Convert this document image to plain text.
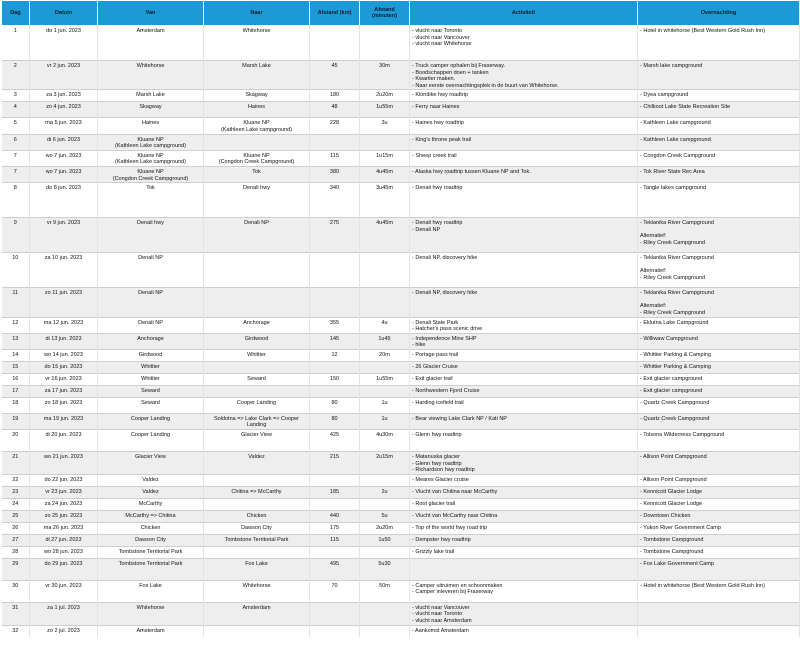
Dag	Datum	Van	Naar	Afstand (km)	Afstand (minuten)	Activiteit	Overnachting
1	do 1 jun. 2023	Amsterdam	Whitehorse			- vlucht naar Toronto
- vlucht naar Vancouver
- vlucht naar Whitehorse	- Hotel in whitehorse (Best Western Gold Rush Inn)

2	vr 2 jun. 2023	Whitehorse	Marsh Lake	45	30m	- Truck camper ophalen bij Fraserway.
- Boodschappen doen + tanken
- Kwartier maken.
- Naar eerste overnachtingsplek in de buurt van Whitehorse.	- Marsh lake campground

3	za 3 jun. 2023	Marsh Lake	Skagway	180	2u20m	- Klondike hwy roadtrip	- Dyea campground

4	zo 4 jun. 2023	Skagway	Haines	48	1u55m	- Ferry naar Haines	- Chilkoot Lake State Recreation Site

5	ma 5 jun. 2023	Haines	Kluane NP
(Kathleen Lake campground)	228	3u	- Haines hwy roadtrip	- Kathleen Lake campground

6	di 6 jun. 2023	Kluane NP
(Kathleen Lake campground)				- King's throne peak trail	- Kathleen Lake campground

7	wo 7 jun. 2023	Kluane NP
(Kathleen Lake campground)	Kluane NP
(Congdon Creek Campground)	115	1u15m	- Sheep creek trail	- Congdon Creek Campground

7	wo 7 jun. 2023	Kluane NP
(Congdon Creek Campground)	Tok	380	4u45m	- Alaska hwy roadtrip tussen Kluane NP and Tok.	- Tok River State Rec Area

8	do 8 jun. 2023	Tok	Denali hwy	340	3u45m	- Denali hwy roadtrip	- Tangle lakes campground

9	vr 9 jun. 2023	Denali hwy	Denali NP	275	4u45m	- Denali hwy roadtrip
- Denali NP	- Teklanika River Campground

Alternatief:
- Riley Creek Campground

10	za 10 jun. 2023	Denali NP				- Denali NP, discovery hike	- Teklanika River Campground

Alternatief:
- Riley Creek Campground

11	zo 11 jun. 2023	Denali NP				- Denali NP, discovery hike	- Teklanika River Campground

Alternatief:
- Riley Creek Campground

12	ma 12 jun. 2023	Denali NP	Anchorage	355	4u	- Denali State Park
- Hatcher's pass scenic drive	- Eklutna Lake Campground

13	di 13 jun. 2023	Anchorage	Girdwood	145	1u45	- Independence Mine SHP
- hike	- Williwaw Campground

14	wo 14 jun. 2023	Girdwood	Whittier	12	20m	- Portage pass trail	- Whittier Parking & Camping

15	do 15 jun. 2023	Whittier				- 26 Glacier Cruise	- Whittier Parking & Camping

16	vr 16 jun. 2023	Whittier	Seward	150	1u55m	- Exit glacier trail	- Exit glacier campground

17	za 17 jun. 2023	Seward				- Northwestern Fjord Cruise	- Exit glacier campground

18	zo 18 jun. 2023	Seward	Cooper Landing	80	1u	- Harding icefield trail	- Quartz Creek Campground

19	ma 19 jun. 2023	Cooper Landing	Soldotna => Lake Clark => Cooper
Landing	80	1u	- Bear viewing Lake Clark NP / Kati NP	- Quartz Creek Campground

20	di 20 jun. 2023	Cooper Landing	Glacier View	425	4u30m	- Glenn hwy roadtrip	- Tolsona Wilderness Campground

21	wo 21 jun. 2023	Glacier View	Valdez	215	2u15m	- Matanuska glacier
- Glenn hwy roadtrip
- Richardson hwy roadtrip	- Allison Point Campground

22	do 22 jun. 2023	Valdez				- Meares Glacier cruise	- Allison Point Campground

23	vr 23 jun. 2023	Valdez	Chitina => McCarthy	185	2u	- Vlucht van Chitina naar McCarthy	- Kennicott Glacier Lodge

24	za 24 jun. 2023	McCarthy				- Root glacier trail	- Kennicott Glacier Lodge

25	zo 25 jun. 2023	McCarthy => Chitina	Chicken	440	5u	- Vlucht van McCarthy naar Chitina	- Downtown Chicken

26	ma 26 jun. 2023	Chicken	Dawson City	175	2u20m	- Top of the world hwy road trip	- Yukon River Government Camp

27	di 27 jun. 2023	Dawson City	Tombstone Territorial Park	115	1u50	- Dempster hwy roadtrip	- Tombstone Campground

28	wo 28 jun. 2023	Tombstone Territorial Park				- Grizzly lake trail	- Tombstone Campground

29	do 29 jun. 2023	Tombstone Territorial Park	Fox Lake	495	5u30		- Fox Lake Government Camp

30	vr 30 jun. 2023	Fox Lake	Whitehorse	70	50m	- Camper uitruimen en schoonmaken
- Camper inleveren bij Fraserway	- Hotel in whitehorse (Best Western Gold Rush Inn)

31	za 1 jul. 2023	Whitehorse	Amsterdam			- vlucht naar Vancouver
- vlucht naar Toronto
- vlucht naar Amsterdam	

32	zo 2 jul. 2023	Amsterdam				- Aankomst Amsterdam	
